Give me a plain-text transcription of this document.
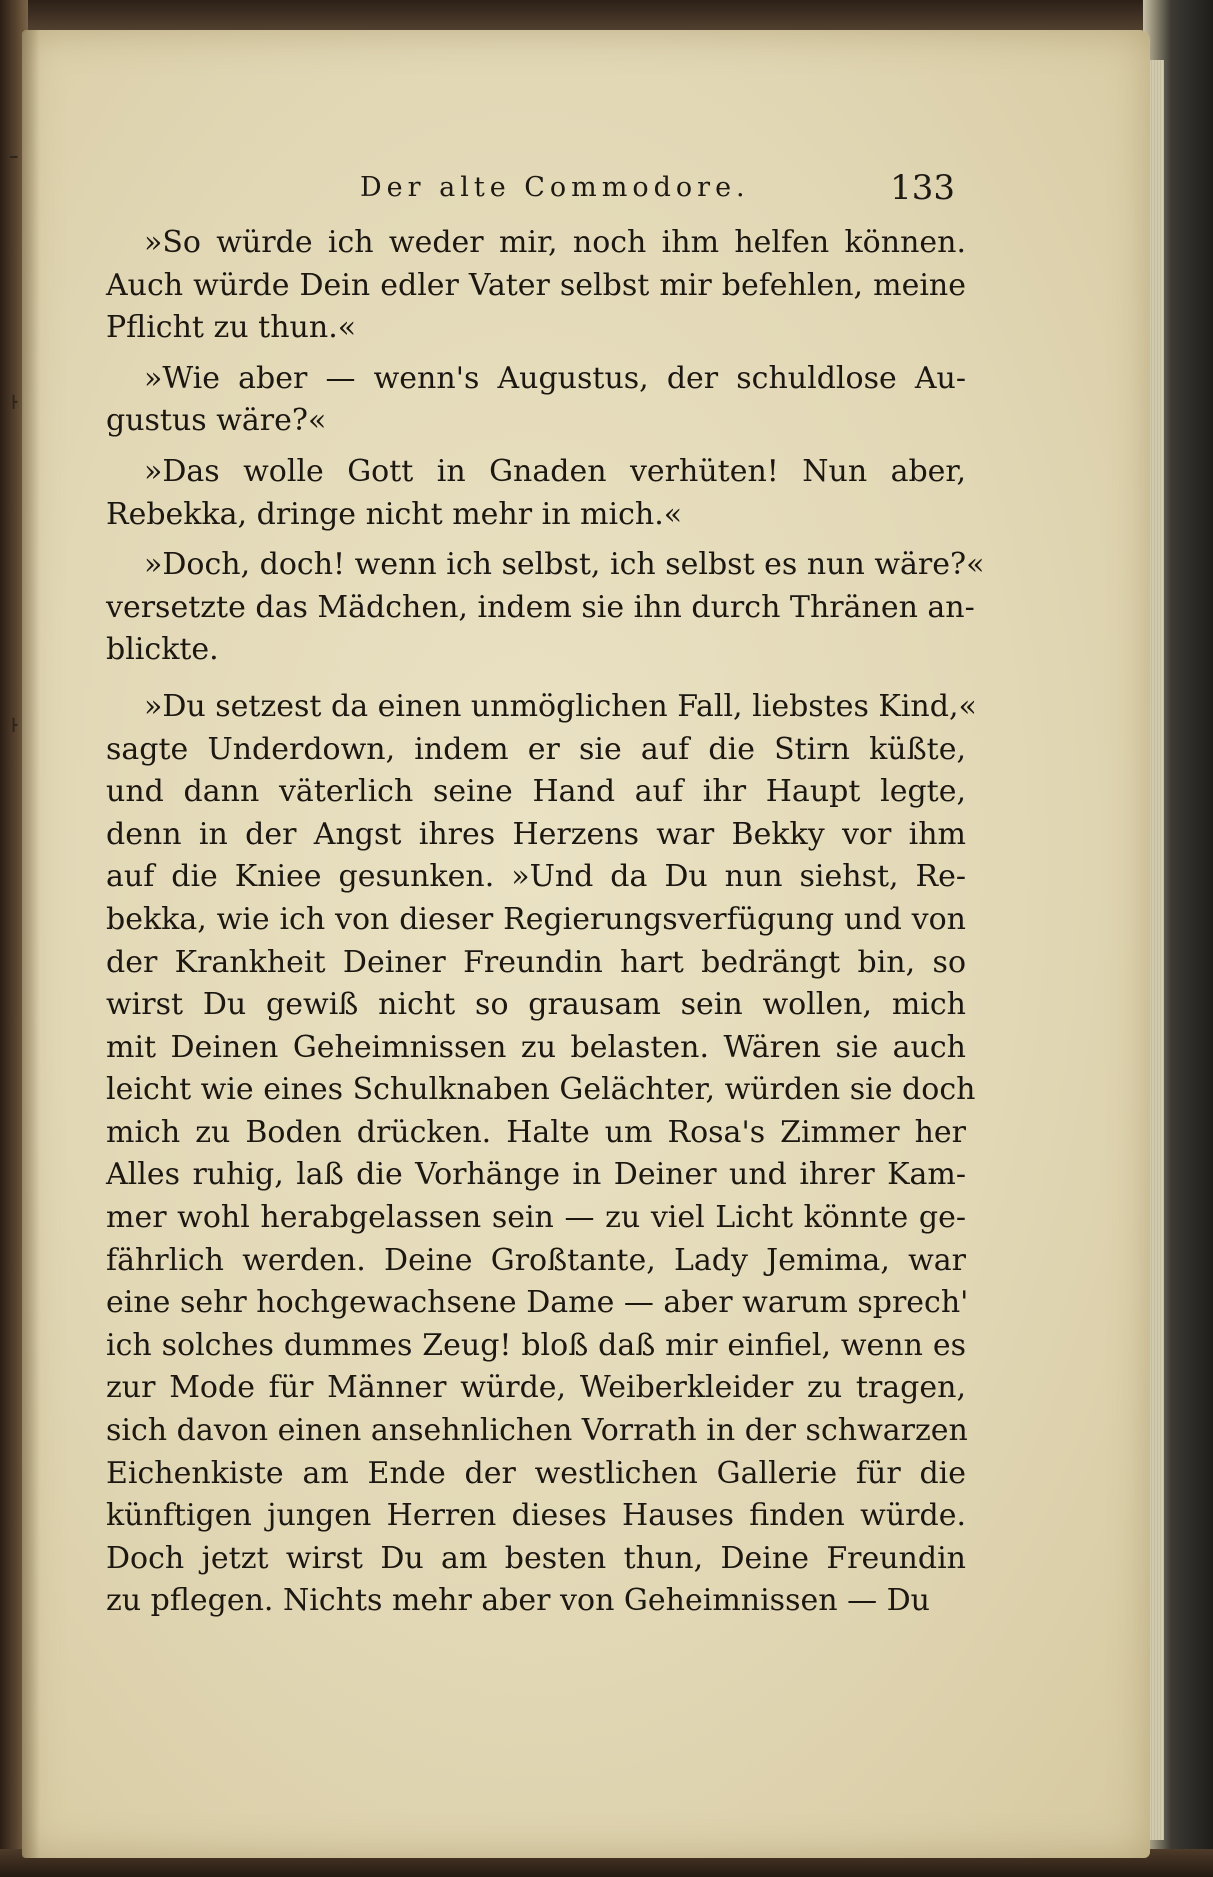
━
┣
┣
Der alte Commodore.	133
»So würde ich weder mir, noch ihm helfen können.
Auch würde Dein edler Vater selbst mir befehlen, meine
Pflicht zu thun.«
»Wie aber — wenn's Augustus, der schuldlose Au-
gustus wäre?«
»Das wolle Gott in Gnaden verhüten! Nun aber,
Rebekka, dringe nicht mehr in mich.«
»Doch, doch! wenn ich selbst, ich selbst es nun wäre?«
versetzte das Mädchen, indem sie ihn durch Thränen an-
blickte.
»Du setzest da einen unmöglichen Fall, liebstes Kind,«
sagte Underdown, indem er sie auf die Stirn küßte,
und dann väterlich seine Hand auf ihr Haupt legte,
denn in der Angst ihres Herzens war Bekky vor ihm
auf die Kniee gesunken. »Und da Du nun siehst, Re-
bekka, wie ich von dieser Regierungsverfügung und von
der Krankheit Deiner Freundin hart bedrängt bin, so
wirst Du gewiß nicht so grausam sein wollen, mich
mit Deinen Geheimnissen zu belasten. Wären sie auch
leicht wie eines Schulknaben Gelächter, würden sie doch
mich zu Boden drücken. Halte um Rosa's Zimmer her
Alles ruhig, laß die Vorhänge in Deiner und ihrer Kam-
mer wohl herabgelassen sein — zu viel Licht könnte ge-
fährlich werden. Deine Großtante, Lady Jemima, war
eine sehr hochgewachsene Dame — aber warum sprech'
ich solches dummes Zeug! bloß daß mir einfiel, wenn es
zur Mode für Männer würde, Weiberkleider zu tragen,
sich davon einen ansehnlichen Vorrath in der schwarzen
Eichenkiste am Ende der westlichen Gallerie für die
künftigen jungen Herren dieses Hauses finden würde.
Doch jetzt wirst Du am besten thun, Deine Freundin
zu pflegen. Nichts mehr aber von Geheimnissen — Du
